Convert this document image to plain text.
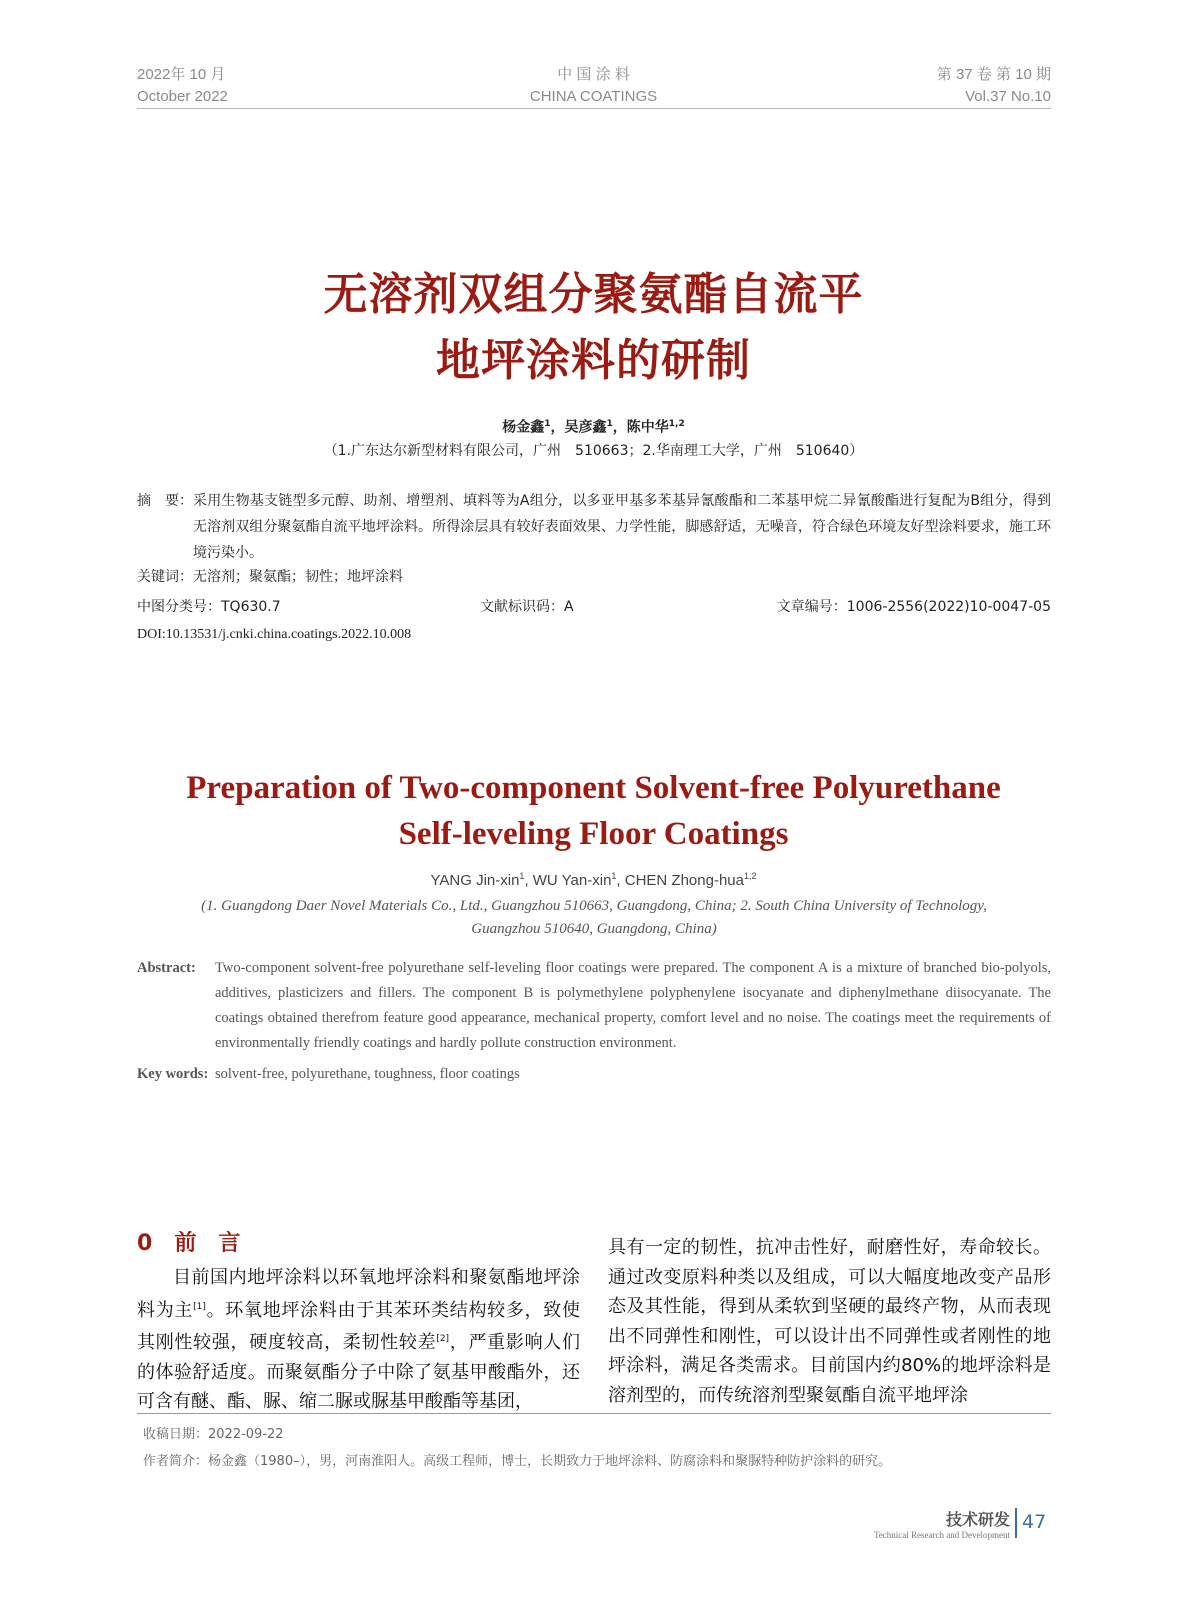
2022年 10 月
October 2022
中 国 涂 料
CHINA COATINGS
第 37 卷 第 10 期
Vol.37 No.10
无溶剂双组分聚氨酯自流平
地坪涂料的研制
杨金鑫$^1$，吴彦鑫$^1$，陈中华$^{1,2}$
（1.广东达尔新型材料有限公司，广州　510663；2.华南理工大学，广州　510640）
摘　要： 采用生物基支链型多元醇、助剂、增塑剂、填料等为A组分，以多亚甲基多苯基异氰酸酯和二苯基甲烷二异氰酸酯进行复配为B组分，得到无溶剂双组分聚氨酯自流平地坪涂料。所得涂层具有较好表面效果、力学性能，脚感舒适，无噪音，符合绿色环境友好型涂料要求，施工环境污染小。
关键词：无溶剂；聚氨酯；韧性；地坪涂料
中图分类号：TQ630.7	文献标识码：A	文章编号：1006-2556(2022)10-0047-05
DOI:10.13531/j.cnki.china.coatings.2022.10.008
Preparation of Two-component Solvent-free Polyurethane
Self-leveling Floor Coatings
YANG Jin-xin$^1$, WU Yan-xin$^1$, CHEN Zhong-hua$^{1,2}$
(1. Guangdong Daer Novel Materials Co., Ltd., Guangzhou 510663, Guangdong, China; 2. South China University of Technology,
Guangzhou 510640, Guangdong, China)
Abstract:	Two-component solvent-free polyurethane self-leveling floor coatings were prepared. The component A is a mixture of branched bio-polyols, additives, plasticizers and fillers. The component B is polymethylene polyphenylene isocyanate and diphenylmethane diisocyanate. The coatings obtained therefrom feature good appearance, mechanical property, comfort level and no noise. The coatings meet the requirements of environmentally friendly coatings and hardly pollute construction environment.
Key words: solvent-free, polyurethane, toughness, floor coatings
0　 前　言
目前国内地坪涂料以环氧地坪涂料和聚氨酯地坪涂料为主[1]。环氧地坪涂料由于其苯环类结构较多，致使其刚性较强，硬度较高，柔韧性较差[2]，严重影响人们的体验舒适度。而聚氨酯分子中除了氨基甲酸酯外，还可含有醚、酯、脲、缩二脲或脲基甲酸酯等基团，
具有一定的韧性，抗冲击性好，耐磨性好，寿命较长。通过改变原料种类以及组成，可以大幅度地改变产品形态及其性能，得到从柔软到坚硬的最终产物，从而表现出不同弹性和刚性，可以设计出不同弹性或者刚性的地坪涂料，满足各类需求。目前国内约80%的地坪涂料是溶剂型的，而传统溶剂型聚氨酯自流平地坪涂
收稿日期：2022-09-22
作者简介：杨金鑫（1980–），男，河南淮阳人。高级工程师，博士，长期致力于地坪涂料、防腐涂料和聚脲特种防护涂料的研究。
技术研发
Technical Research and Development
47
